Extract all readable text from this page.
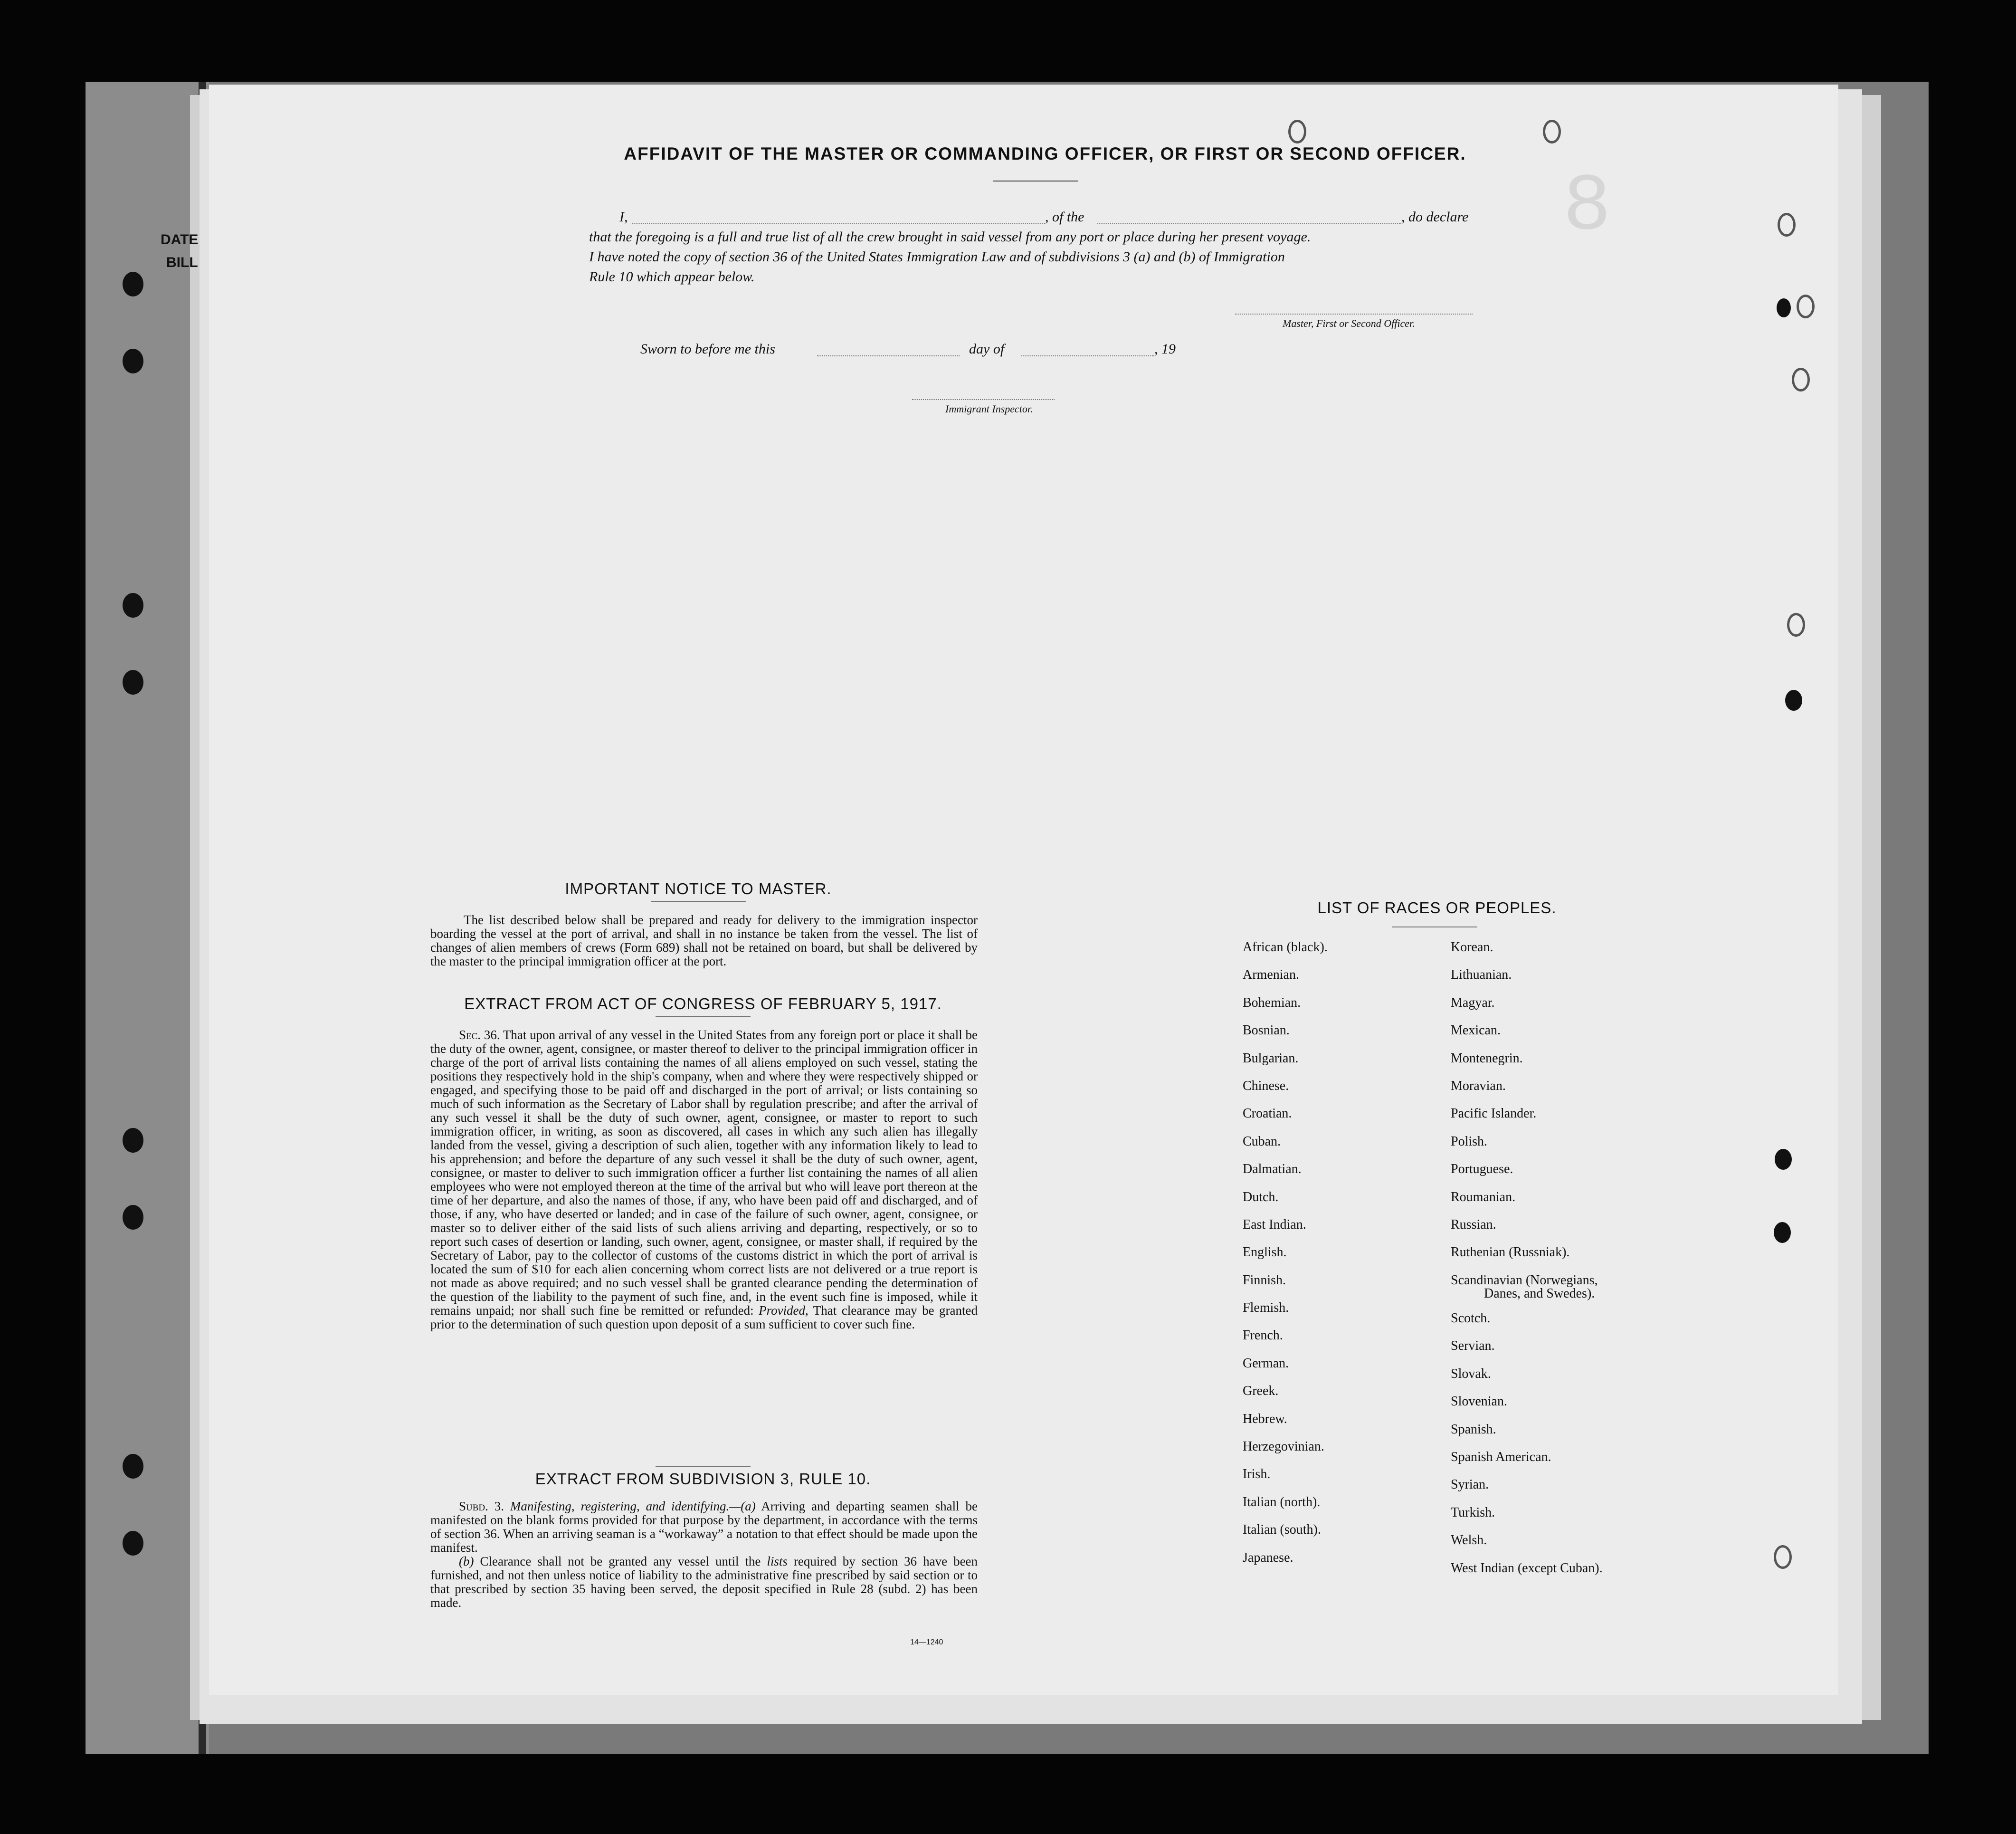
DATE
BILL
8
AFFIDAVIT OF THE MASTER OR COMMANDING OFFICER, OR FIRST OR SECOND OFFICER.
I,	, of the	, do declare
that the foregoing is a full and true list of all the crew brought in said vessel from any port or place during her present voyage.
I have noted the copy of section 36 of the United States Immigration Law and of subdivisions 3 (a) and (b) of Immigration
Rule 10 which appear below.
Master, First or Second Officer.
Sworn to before me this	day of	, 19
Immigrant Inspector.
IMPORTANT NOTICE TO MASTER.
The list described below shall be prepared and ready for delivery to the immigration inspector boarding the vessel at the port of arrival, and shall in no instance be taken from the vessel. The list of changes of alien members of crews (Form 689) shall not be retained on board, but shall be delivered by the master to the principal immigration officer at the port.
EXTRACT FROM ACT OF CONGRESS OF FEBRUARY 5, 1917.
Sec. 36. That upon arrival of any vessel in the United States from any foreign port or place it shall be the duty of the owner, agent, consignee, or master thereof to deliver to the principal immigration officer in charge of the port of arrival lists containing the names of all aliens employed on such vessel, stating the positions they respectively hold in the ship's company, when and where they were respectively shipped or engaged, and specifying those to be paid off and discharged in the port of arrival; or lists containing so much of such information as the Secretary of Labor shall by regulation prescribe; and after the arrival of any such vessel it shall be the duty of such owner, agent, consignee, or master to report to such immigration officer, in writing, as soon as discovered, all cases in which any such alien has illegally landed from the vessel, giving a description of such alien, together with any information likely to lead to his apprehension; and before the departure of any such vessel it shall be the duty of such owner, agent, consignee, or master to deliver to such immigration officer a further list containing the names of all alien employees who were not employed thereon at the time of the arrival but who will leave port thereon at the time of her departure, and also the names of those, if any, who have been paid off and discharged, and of those, if any, who have deserted or landed; and in case of the failure of such owner, agent, consignee, or master so to deliver either of the said lists of such aliens arriving and departing, respectively, or so to report such cases of desertion or landing, such owner, agent, consignee, or master shall, if required by the Secretary of Labor, pay to the collector of customs of the customs district in which the port of arrival is located the sum of $10 for each alien concerning whom correct lists are not delivered or a true report is not made as above required; and no such vessel shall be granted clearance pending the determination of the question of the liability to the payment of such fine, and, in the event such fine is imposed, while it remains unpaid; nor shall such fine be remitted or refunded: Provided, That clearance may be granted prior to the determination of such question upon deposit of a sum sufficient to cover such fine.
EXTRACT FROM SUBDIVISION 3, RULE 10.
Subd. 3. Manifesting, registering, and identifying.—(a) Arriving and departing seamen shall be manifested on the blank forms provided for that purpose by the department, in accordance with the terms of section 36. When an arriving seaman is a “workaway” a notation to that effect should be made upon the manifest.
(b) Clearance shall not be granted any vessel until the lists required by section 36 have been furnished, and not then unless notice of liability to the administrative fine prescribed by said section or to that prescribed by section 35 having been served, the deposit specified in Rule 28 (subd. 2) has been made.
14—1240
LIST OF RACES OR PEOPLES.
African (black).
Armenian.
Bohemian.
Bosnian.
Bulgarian.
Chinese.
Croatian.
Cuban.
Dalmatian.
Dutch.
East Indian.
English.
Finnish.
Flemish.
French.
German.
Greek.
Hebrew.
Herzegovinian.
Irish.
Italian (north).
Italian (south).
Japanese.
Korean.
Lithuanian.
Magyar.
Mexican.
Montenegrin.
Moravian.
Pacific Islander.
Polish.
Portuguese.
Roumanian.
Russian.
Ruthenian (Russniak).
Scandinavian (Norwegians,
Scotch.
Servian.
Slovak.
Slovenian.
Spanish.
Spanish American.
Syrian.
Turkish.
Welsh.
West Indian (except Cuban).
Danes, and Swedes).
